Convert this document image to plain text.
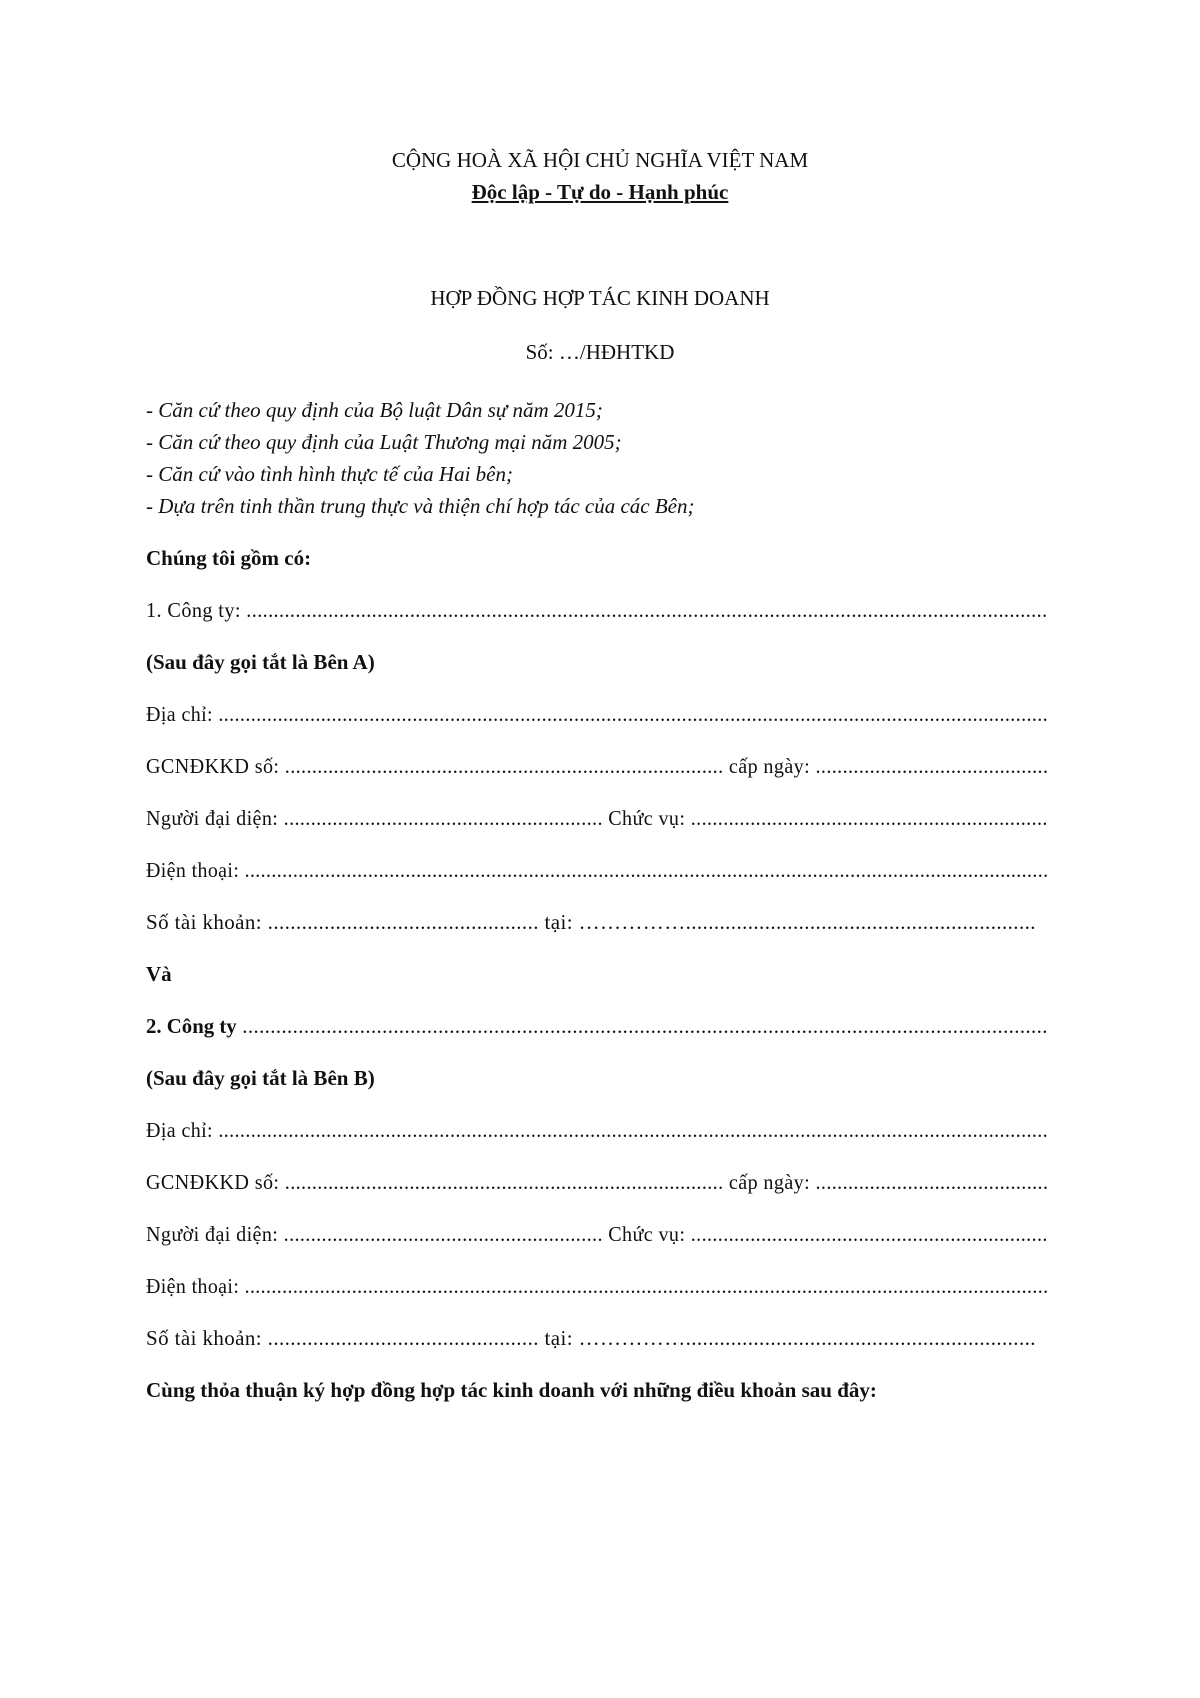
CỘNG HOÀ XÃ HỘI CHỦ NGHĨA VIỆT NAM
Độc lập - Tự do - Hạnh phúc
HỢP ĐỒNG HỢP TÁC KINH DOANH
Số: …/HĐHTKD
- Căn cứ theo quy định của Bộ luật Dân sự năm 2015;
- Căn cứ theo quy định của Luật Thương mại năm 2005;
- Căn cứ vào tình hình thực tế của Hai bên;
- Dựa trên tinh thần trung thực và thiện chí hợp tác của các Bên;
Chúng tôi gồm có:
1. Công ty: ...................................................................................................................................................
(Sau đây gọi tắt là Bên A)
Địa chỉ: ..........................................................................................................................................................
GCNĐKKD số: ................................................................................. cấp ngày: ...........................................
Người đại diện: ........................................................... Chức vụ: ..................................................................
Điện thoại: ......................................................................................................................................................
Số tài khoản: ................................................ tại: ……………..............................................................
Và
2. Công ty ................................................................................................................................................
(Sau đây gọi tắt là Bên B)
Địa chỉ: ..........................................................................................................................................................
GCNĐKKD số: ................................................................................. cấp ngày: ...........................................
Người đại diện: ........................................................... Chức vụ: ..................................................................
Điện thoại: ......................................................................................................................................................
Số tài khoản: ................................................ tại: ……………..............................................................
Cùng thỏa thuận ký hợp đồng hợp tác kinh doanh với những điều khoản sau đây:
